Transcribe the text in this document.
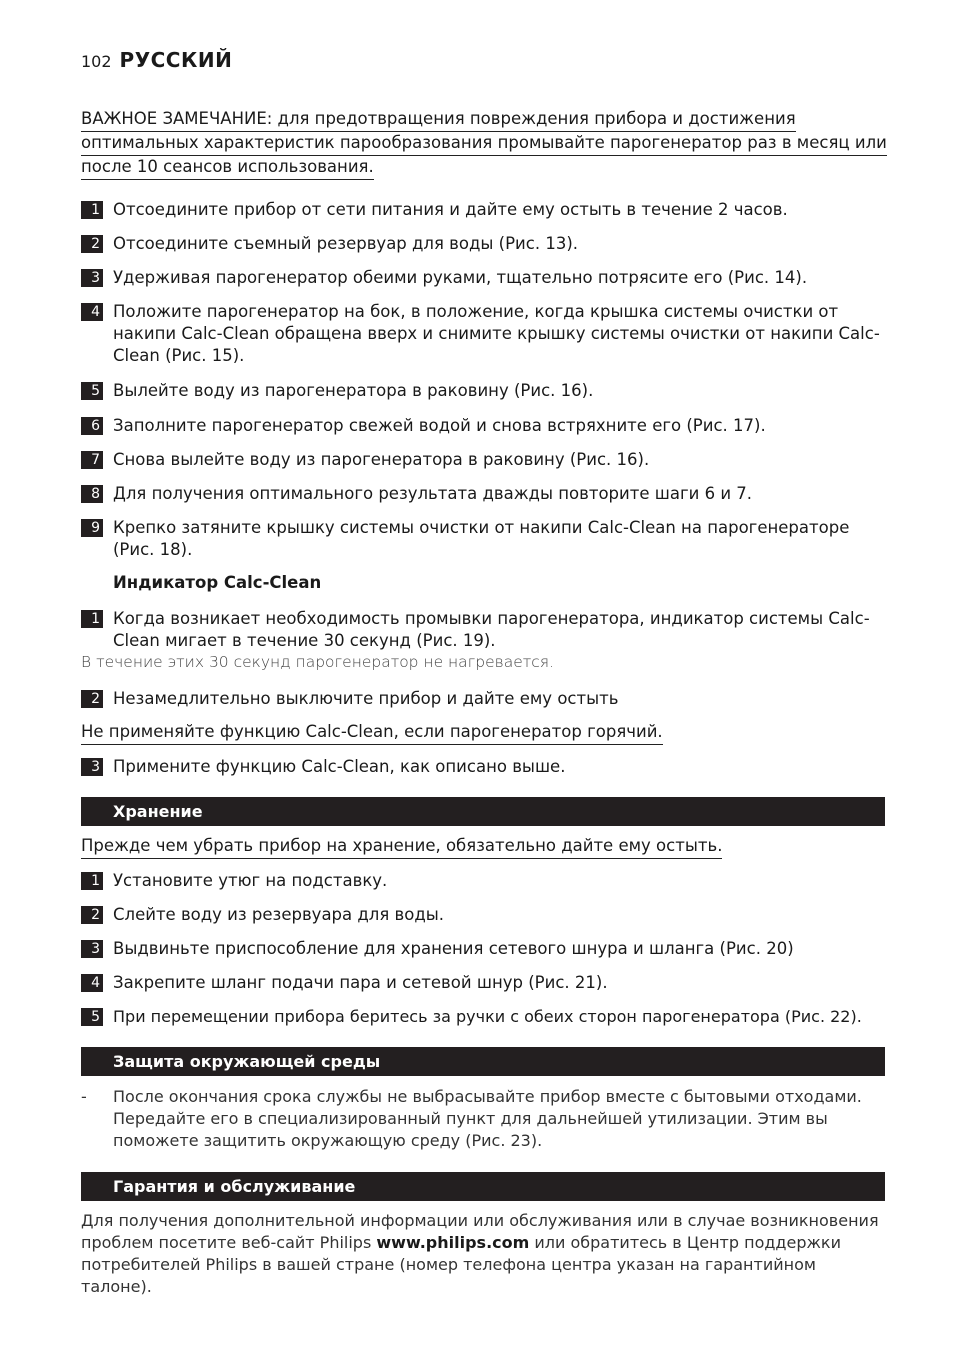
102 РУССКИЙ
ВАЖНОЕ ЗАМЕЧАНИЕ: для предотвращения повреждения прибора и достижения
оптимальных характеристик парообразования промывайте парогенератор раз в месяц или
после 10 сеансов использования.
1 Отсоедините прибор от сети питания и дайте ему остыть в течение 2 часов.
2 Отсоедините съемный резервуар для воды (Рис. 13).
3 Удерживая парогенератор обеими руками, тщательно потрясите его (Рис. 14).
4 Положите парогенератор на бок, в положение, когда крышка системы очистки от накипи Calc-Clean обращена вверх и снимите крышку системы очистки от накипи Calc-Clean (Рис. 15).
5 Вылейте воду из парогенератора в раковину (Рис. 16).
6 Заполните парогенератор свежей водой и снова встряхните его (Рис. 17).
7 Снова вылейте воду из парогенератора в раковину (Рис. 16).
8 Для получения оптимального результата дважды повторите шаги 6 и 7.
9 Крепко затяните крышку системы очистки от накипи Calc-Clean на парогенераторе (Рис. 18).
Индикатор Calc-Clean
1 Когда возникает необходимость промывки парогенератора, индикатор системы Calc-Clean мигает в течение 30 секунд (Рис. 19).
В течение этих 30 секунд парогенератор не нагревается.
2 Незамедлительно выключите прибор и дайте ему остыть
Не применяйте функцию Calc-Clean, если парогенератор горячий.
3 Примените функцию Calc-Clean, как описано выше.
Хранение
Прежде чем убрать прибор на хранение, обязательно дайте ему остыть.
1 Установите утюг на подставку.
2 Слейте воду из резервуара для воды.
3 Выдвиньте приспособление для хранения сетевого шнура и шланга (Рис. 20)
4 Закрепите шланг подачи пара и сетевой шнур (Рис. 21).
5 При перемещении прибора беритесь за ручки с обеих сторон парогенератора (Рис. 22).
Защита окружающей среды
-	После окончания срока службы не выбрасывайте прибор вместе с бытовыми отходами. Передайте его в специализированный пункт для дальнейшей утилизации. Этим вы поможете защитить окружающую среду (Рис. 23).
Гарантия и обслуживание
Для получения дополнительной информации или обслуживания или в случае возникновения проблем посетите веб-сайт Philips www.philips.com или обратитесь в Центр поддержки потребителей Philips в вашей стране (номер телефона центра указан на гарантийном талоне).
